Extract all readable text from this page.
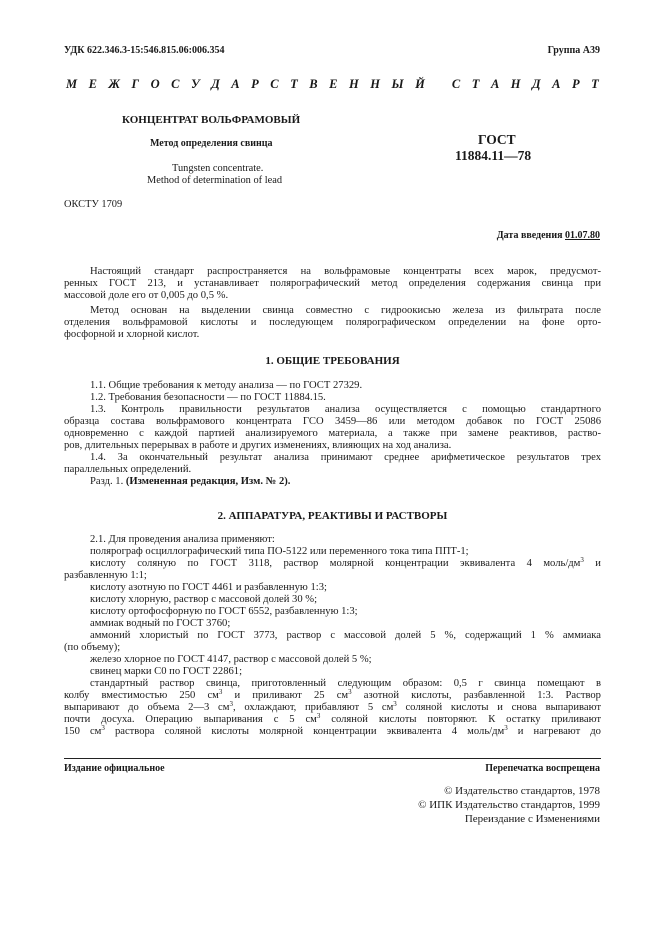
УДК 622.346.3-15:546.815.06:006.354	Группа А39
М Е Ж Г О С У Д А Р С Т В Е Н Н Ы Й С Т А Н Д А Р Т
КОНЦЕНТРАТ ВОЛЬФРАМОВЫЙ
Метод определения свинца
Tungsten concentrate.
Method of determination of lead
ГОСТ
11884.11—78
ОКСТУ 1709
Дата введения 01.07.80
Настоящий стандарт распространяется на вольфрамовые концентраты всех марок, предусмот-
ренных ГОСТ 213, и устанавливает полярографический метод определения содержания свинца при
массовой доле его от 0,005 до 0,5 %.
Метод основан на выделении свинца совместно с гидроокисью железа из фильтрата после
отделения вольфрамовой кислоты и последующем полярографическом определении на фоне орто-
фосфорной и хлорной кислот.
1. ОБЩИЕ ТРЕБОВАНИЯ
1.1. Общие требования к методу анализа — по ГОСТ 27329.
1.2. Требования безопасности — по ГОСТ 11884.15.
1.3. Контроль правильности результатов анализа осуществляется с помощью стандартного
образца состава вольфрамового концентрата ГСО 3459—86 или методом добавок по ГОСТ 25086
одновременно с каждой партией анализируемого материала, а также при замене реактивов, раство-
ров, длительных перерывах в работе и других изменениях, влияющих на ход анализа.
1.4. За окончательный результат анализа принимают среднее арифметическое результатов трех
параллельных определений.
Разд. 1. (Измененная редакция, Изм. № 2).
2. АППАРАТУРА, РЕАКТИВЫ И РАСТВОРЫ
2.1. Для проведения анализа применяют:
полярограф осциллографический типа ПО-5122 или переменного тока типа ППТ-1;
кислоту соляную по ГОСТ 3118, раствор молярной концентрации эквивалента 4 моль/$дм^3$ и
разбавленную 1:1;
кислоту азотную по ГОСТ 4461 и разбавленную 1:3;
кислоту хлорную, раствор с массовой долей 30 %;
кислоту ортофосфорную по ГОСТ 6552, разбавленную 1:3;
аммиак водный по ГОСТ 3760;
аммоний хлористый по ГОСТ 3773, раствор с массовой долей 5 %, содержащий 1 % аммиака
(по объему);
железо хлорное по ГОСТ 4147, раствор с массовой долей 5 %;
свинец марки С0 по ГОСТ 22861;
стандартный раствор свинца, приготовленный следующим образом: 0,5 г свинца помещают в
колбу вместимостью 250 $см^3$ и приливают 25 $см^3$ азотной кислоты, разбавленной 1:3. Раствор
выпаривают до объема 2—3 $см^3$, охлаждают, прибавляют 5 $см^3$ соляной кислоты и снова выпаривают
почти досуха. Операцию выпаривания с 5 $см^3$ соляной кислоты повторяют. К остатку приливают
150 $см^3$ раствора соляной кислоты молярной концентрации эквивалента 4 моль/$дм^3$ и нагревают до
Издание официальное	Перепечатка воспрещена
© Издательство стандартов, 1978
© ИПК Издательство стандартов, 1999
Переиздание с Изменениями
